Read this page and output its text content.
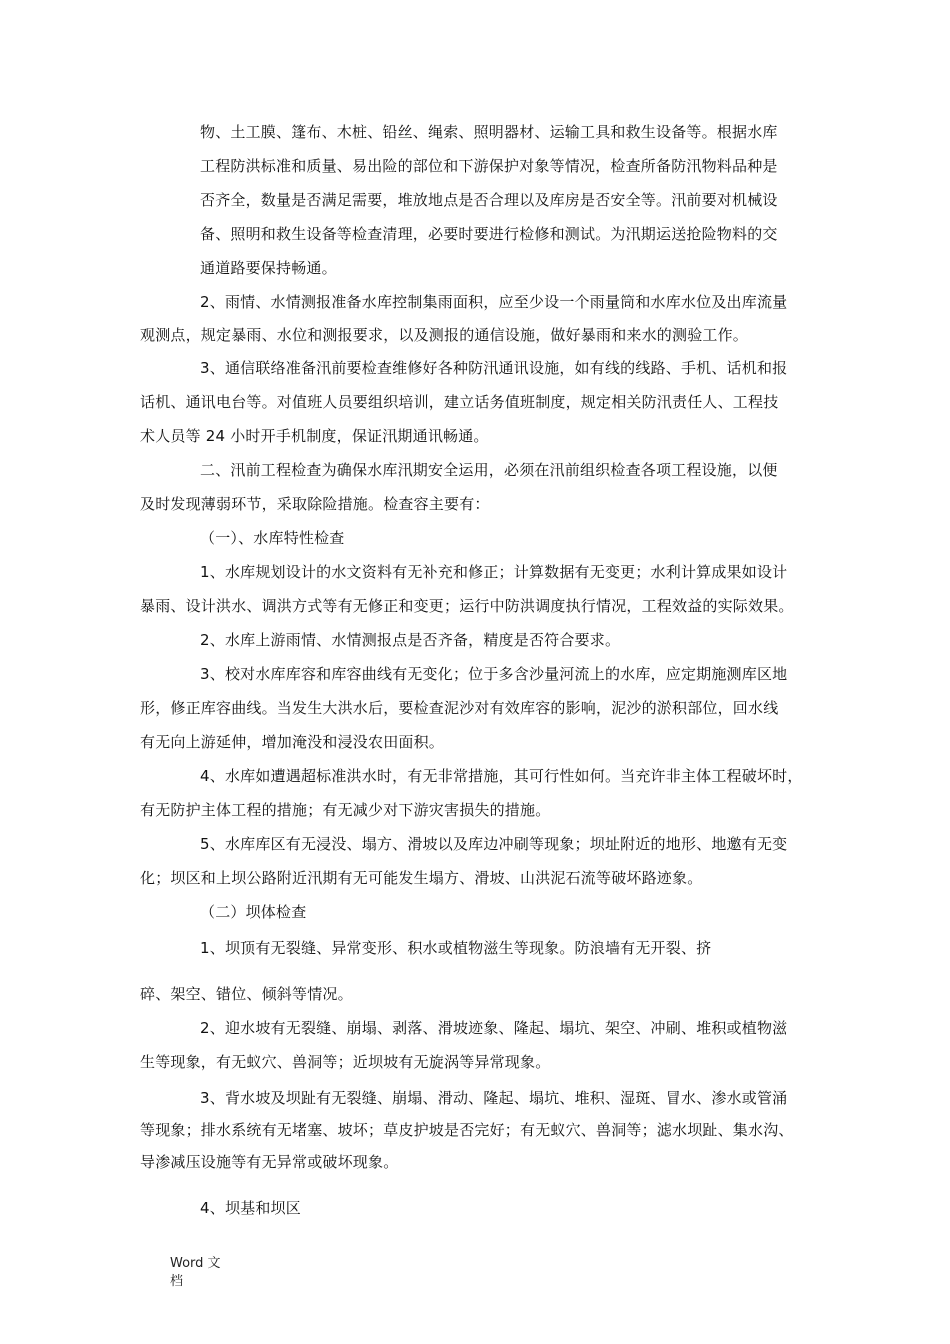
物、土工膜、篷布、木桩、铅丝、绳索、照明器材、运输工具和救生设备等。根据水库
工程防洪标准和质量、易出险的部位和下游保护对象等情况，检查所备防汛物料品种是
否齐全，数量是否满足需要，堆放地点是否合理以及库房是否安全等。汛前要对机械设
备、照明和救生设备等检查清理，必要时要进行检修和测试。为汛期运送抢险物料的交
通道路要保持畅通。
2、雨情、水情测报准备水库控制集雨面积，应至少设一个雨量筒和水库水位及出库流量
观测点，规定暴雨、水位和测报要求，以及测报的通信设施，做好暴雨和来水的测验工作。
3、通信联络准备汛前要检查维修好各种防汛通讯设施，如有线的线路、手机、话机和报
话机、通讯电台等。对值班人员要组织培训，建立话务值班制度，规定相关防汛责任人、工程技
术人员等 24 小时开手机制度，保证汛期通讯畅通。
二、汛前工程检查为确保水库汛期安全运用，必须在汛前组织检查各项工程设施，以便
及时发现薄弱环节，采取除险措施。检查容主要有：
（一）、水库特性检查
1、水库规划设计的水文资料有无补充和修正；计算数据有无变更；水利计算成果如设计
暴雨、设计洪水、调洪方式等有无修正和变更；运行中防洪调度执行情况，工程效益的实际效果。
2、水库上游雨情、水情测报点是否齐备，精度是否符合要求。
3、校对水库库容和库容曲线有无变化；位于多含沙量河流上的水库，应定期施测库区地
形，修正库容曲线。当发生大洪水后，要检查泥沙对有效库容的影响，泥沙的淤积部位，回水线
有无向上游延伸，增加淹没和浸没农田面积。
4、水库如遭遇超标准洪水时，有无非常措施，其可行性如何。当充许非主体工程破坏时，
有无防护主体工程的措施；有无减少对下游灾害损失的措施。
5、水库库区有无浸没、塌方、滑坡以及库边冲刷等现象；坝址附近的地形、地邀有无变
化；坝区和上坝公路附近汛期有无可能发生塌方、滑坡、山洪泥石流等破坏路迹象。
（二）坝体检查
1、坝顶有无裂缝、异常变形、积水或植物滋生等现象。防浪墙有无开裂、挤
碎、架空、错位、倾斜等情况。
2、迎水坡有无裂缝、崩塌、剥落、滑坡迹象、隆起、塌坑、架空、冲刷、堆积或植物滋
生等现象，有无蚁穴、兽洞等；近坝坡有无旋涡等异常现象。
3、背水坡及坝趾有无裂缝、崩塌、滑动、隆起、塌坑、堆积、湿斑、冒水、渗水或管涌
等现象；排水系统有无堵塞、坡坏；草皮护坡是否完好；有无蚁穴、兽洞等；滤水坝趾、集水沟、
导渗减压设施等有无异常或破坏现象。
4、坝基和坝区
Word 文
档
